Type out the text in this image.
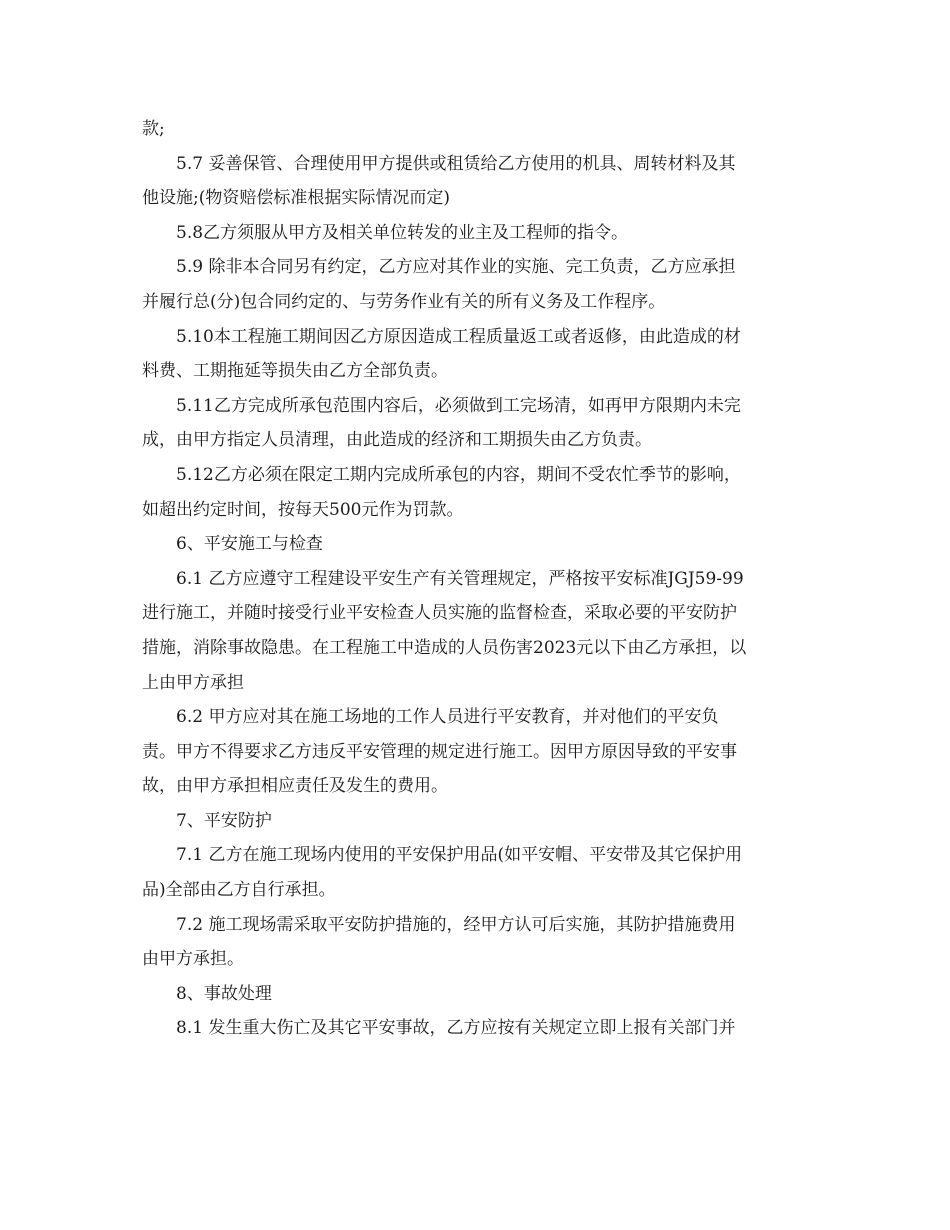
款;
5.7 妥善保管、合理使用甲方提供或租赁给乙方使用的机具、周转材料及其
他设施;(物资赔偿标准根据实际情况而定)
5.8乙方须服从甲方及相关单位转发的业主及工程师的指令。
5.9 除非本合同另有约定，乙方应对其作业的实施、完工负责，乙方应承担
并履行总(分)包合同约定的、与劳务作业有关的所有义务及工作程序。
5.10本工程施工期间因乙方原因造成工程质量返工或者返修，由此造成的材
料费、工期拖延等损失由乙方全部负责。
5.11乙方完成所承包范围内容后，必须做到工完场清，如再甲方限期内未完
成，由甲方指定人员清理，由此造成的经济和工期损失由乙方负责。
5.12乙方必须在限定工期内完成所承包的内容，期间不受农忙季节的影响，
如超出约定时间，按每天500元作为罚款。
6、平安施工与检查
6.1 乙方应遵守工程建设平安生产有关管理规定，严格按平安标准JGJ59-99
进行施工，并随时接受行业平安检查人员实施的监督检查，采取必要的平安防护
措施，消除事故隐患。在工程施工中造成的人员伤害2023元以下由乙方承担，以
上由甲方承担
6.2 甲方应对其在施工场地的工作人员进行平安教育，并对他们的平安负
责。甲方不得要求乙方违反平安管理的规定进行施工。因甲方原因导致的平安事
故，由甲方承担相应责任及发生的费用。
7、平安防护
7.1 乙方在施工现场内使用的平安保护用品(如平安帽、平安带及其它保护用
品)全部由乙方自行承担。
7.2 施工现场需采取平安防护措施的，经甲方认可后实施，其防护措施费用
由甲方承担。
8、事故处理
8.1 发生重大伤亡及其它平安事故，乙方应按有关规定立即上报有关部门并
